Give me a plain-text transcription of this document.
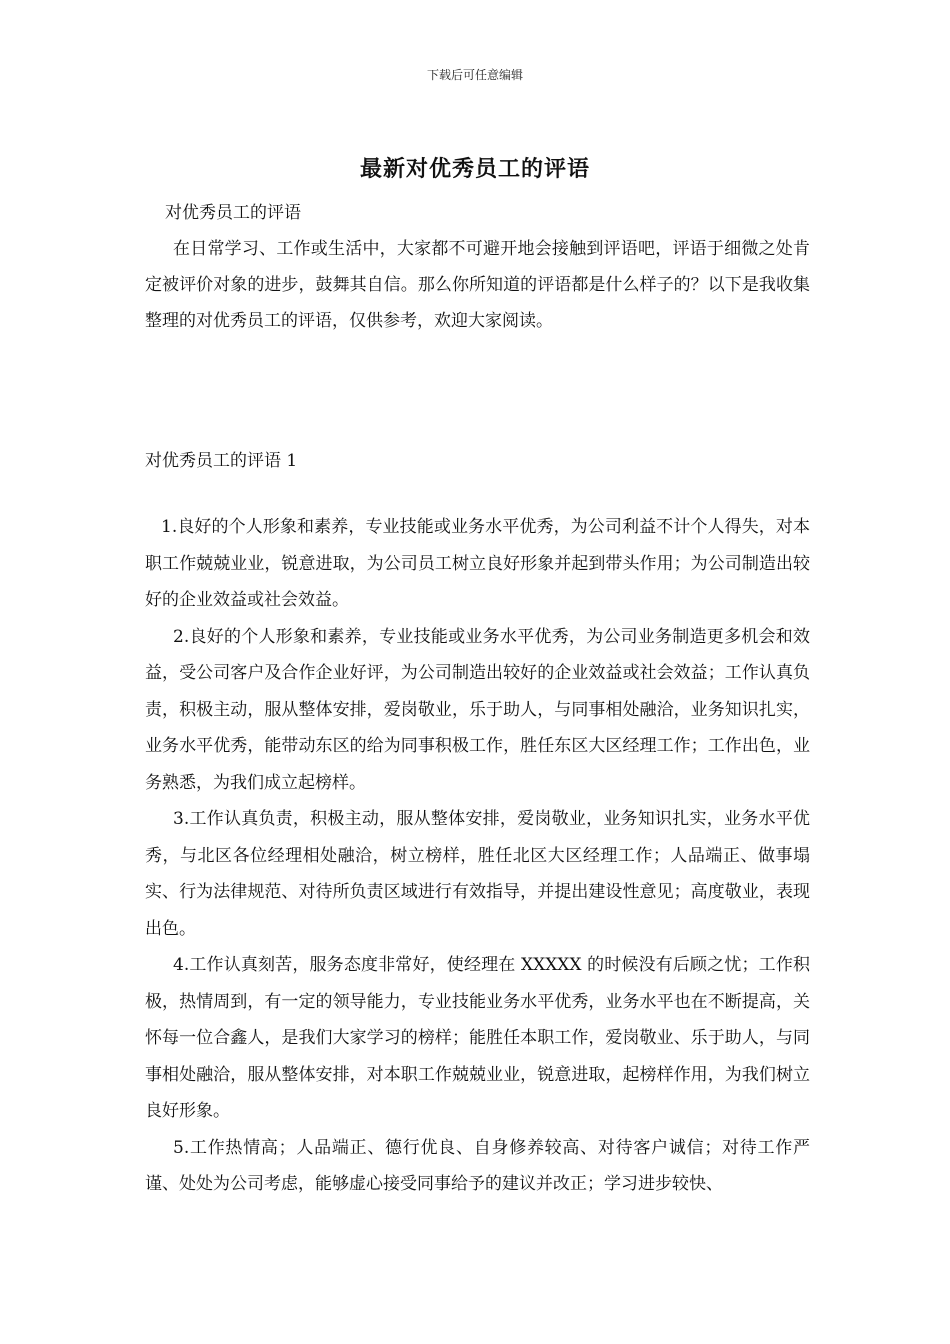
下载后可任意编辑
最新对优秀员工的评语
对优秀员工的评语
在日常学习、工作或生活中，大家都不可避开地会接触到评语吧，评语于细微之处肯定被评价对象的进步，鼓舞其自信。那么你所知道的评语都是什么样子的？以下是我收集整理的对优秀员工的评语，仅供参考，欢迎大家阅读。
对优秀员工的评语 1

1.良好的个人形象和素养，专业技能或业务水平优秀，为公司利益不计个人得失，对本职工作兢兢业业，锐意进取，为公司员工树立良好形象并起到带头作用；为公司制造出较好的企业效益或社会效益。

2.良好的个人形象和素养，专业技能或业务水平优秀，为公司业务制造更多机会和效益，受公司客户及合作企业好评，为公司制造出较好的企业效益或社会效益；工作认真负责，积极主动，服从整体安排，爱岗敬业，乐于助人，与同事相处融洽，业务知识扎实，业务水平优秀，能带动东区的给为同事积极工作，胜任东区大区经理工作；工作出色，业务熟悉，为我们成立起榜样。

3.工作认真负责，积极主动，服从整体安排，爱岗敬业，业务知识扎实，业务水平优秀，与北区各位经理相处融洽，树立榜样，胜任北区大区经理工作；人品端正、做事塌实、行为法律规范、对待所负责区域进行有效指导，并提出建设性意见；高度敬业，表现出色。

4.工作认真刻苦，服务态度非常好，使经理在 XXXXX 的时候没有后顾之忧；工作积极，热情周到，有一定的领导能力，专业技能业务水平优秀，业务水平也在不断提高，关怀每一位合鑫人，是我们大家学习的榜样；能胜任本职工作，爱岗敬业、乐于助人，与同事相处融洽，服从整体安排，对本职工作兢兢业业，锐意进取，起榜样作用，为我们树立良好形象。

5.工作热情高；人品端正、德行优良、自身修养较高、对待客户诚信；对待工作严谨、处处为公司考虑，能够虚心接受同事给予的建议并改正；学习进步较快、
